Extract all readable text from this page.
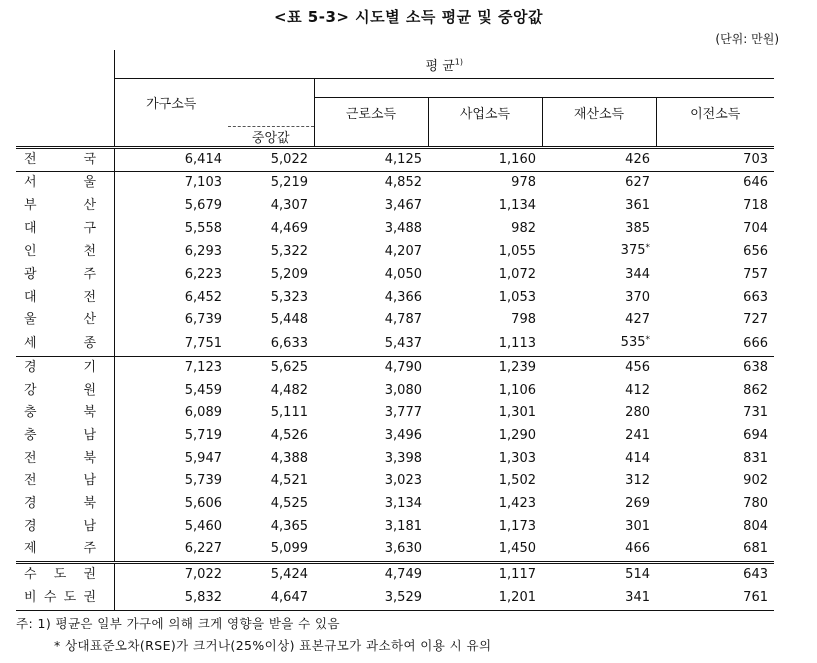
<표 5-3> 시도별 소득 평균 및 중앙값
(단위: 만원)
	평 균$^{1)}$
	가구소득					
			근로소득	사업소득	재산소득	이전소득
		중앙값				

전 국	6,414	5,022	4,125	1,160	426	703

서 울	7,103	5,219	4,852	978	627	646

부 산	5,679	4,307	3,467	1,134	361	718

대 구	5,558	4,469	3,488	982	385	704

인 천	6,293	5,322	4,207	1,055	375*	656

광 주	6,223	5,209	4,050	1,072	344	757

대 전	6,452	5,323	4,366	1,053	370	663

울 산	6,739	5,448	4,787	798	427	727

세 종	7,751	6,633	5,437	1,113	535*	666

경 기	7,123	5,625	4,790	1,239	456	638

강 원	5,459	4,482	3,080	1,106	412	862

충 북	6,089	5,111	3,777	1,301	280	731

충 남	5,719	4,526	3,496	1,290	241	694

전 북	5,947	4,388	3,398	1,303	414	831

전 남	5,739	4,521	3,023	1,502	312	902

경 북	5,606	4,525	3,134	1,423	269	780

경 남	5,460	4,365	3,181	1,173	301	804

제 주	6,227	5,099	3,630	1,450	466	681

수 도 권	7,022	5,424	4,749	1,117	514	643

비 수 도 권	5,832	4,647	3,529	1,201	341	761
주: 1) 평균은 일부 가구에 의해 크게 영향을 받을 수 있음
* 상대표준오차(RSE)가 크거나(25%이상) 표본규모가 과소하여 이용 시 유의
